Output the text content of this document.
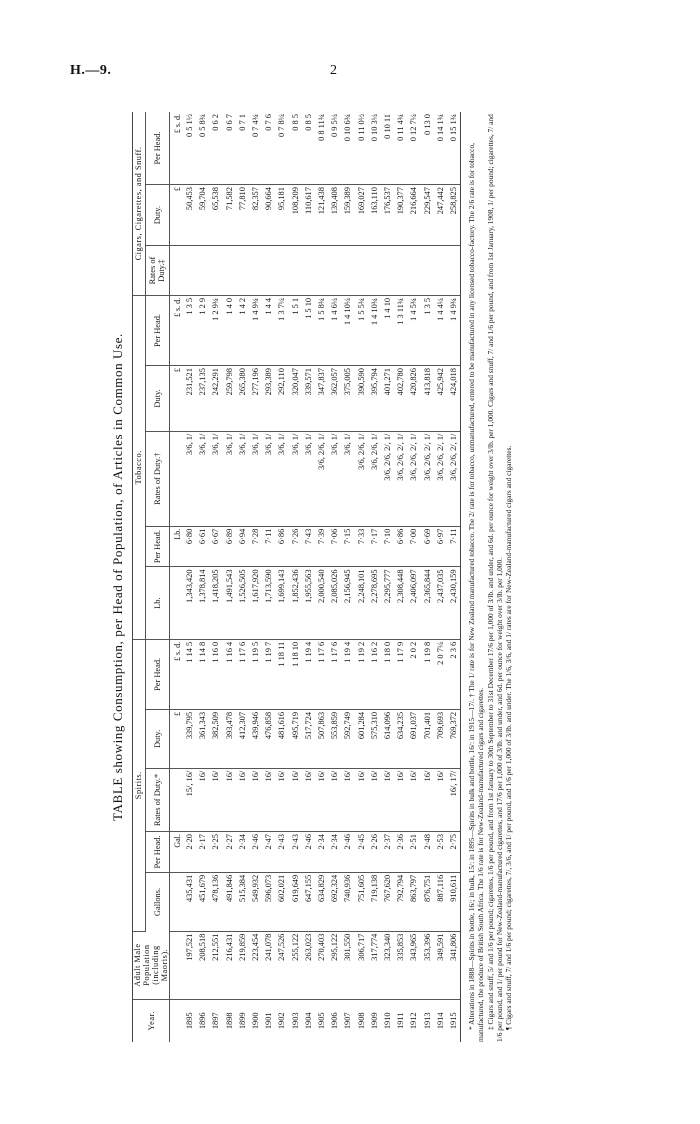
H.—9.	2
TABLE showing Consumption, per Head of Population, of Articles in Common Use.
Year.	Adult Male Population (including Maoris).	Spirits.					Tobacco.					Cigars, Cigarettes, and Snuff.		
		Gallons.	Per Head.	Rates of Duty.*	Duty.	Per Head.	Lb.	Per Head.	Rates of Duty.†	Duty.	Per Head.	Rates of Duty.‡	Duty.	Per Head.
			Gal.		£	£ s. d.		Lb.		£	£ s. d.		£	£ s. d.
1895	197,521	435,431	2·20	15/, 16/	339,795	1 14 5	1,343,420	6·80	3/6, 1/	231,521	1 3 5		50,453	0 5 1½
1896	208,518	451,679	2·17	16/	361,343	1 14 8	1,378,814	6·61	3/6, 1/	237,135	1 2 9		59,704	0 5 8¾
1897	212,551	478,136	2·25	16/	382,509	1 16 0	1,418,205	6·67	3/6, 1/	242,291	1 2 9¾		65,538	0 6 2
1898	216,431	491,846	2·27	16/	393,478	1 16 4	1,491,543	6·89	3/6, 1/	259,798	1 4 0		71,582	0 6 7
1899	219,859	515,384	2·34	16/	412,307	1 17 6	1,526,505	6·94	3/6, 1/	265,380	1 4 2		77,810	0 7 1
1900	223,454	549,932	2·46	16/	439,946	1 19 5	1,617,920	7·28	3/6, 1/	277,196	1 4 9¾		82,357	0 7 4¾
1901	241,078	596,073	2·47	16/	476,858	1 19 7	1,713,590	7·11	3/6, 1/	293,389	1 4 4		90,664	0 7 6
1902	247,526	602,021	2·43	16/	481,616	1 18 11	1,699,143	6·86	3/6, 1/	292,110	1 3 7¼		95,181	0 7 8¼
1903	255,122	619,649	2·43	16/	495,719	1 18 10	1,852,436	7·26	3/6, 1/	320,047	1 5 1		108,209	0 8 5
1904	263,023	647,155	2·46	16/	517,724	1 19 4	1,955,563	7·43	3/6, 1/	339,571	1 5 10		110,617	0 8 5
1905	270,403	634,829	2·34	16/	507,863	1 17 6	2,000,540	7·39	3/6, 2/6, 1/	347,837	1 5 8¾		121,438	0 8 11¾
1906	295,122	692,324	2·34	16/	553,859	1 17 6	2,085,026	7·06	3/6, 1/	362,057	1 4 6¼		139,408	0 9 5¼
1907	301,550	740,936	2·46	16/	592,749	1 19 4	2,156,945	7·15	3/6, 1/	375,005	1 4 10¼		159,389	0 10 6¾
1908	306,717	751,605	2·45	16/	601,284	1 19 2	2,248,101	7·33	3/6, 2/6, 1/	390,590	1 5 5¾		169,027	0 11 0½
1909	317,774	719,138	2·26	16/	575,310	1 16 2	2,278,695	7·17	3/6, 2/6, 1/	395,794	1 4 10¾		163,110	0 10 3¼
1910	323,340	767,620	2·37	16/	614,096	1 18 0	2,295,777	7·10	3/6, 2/6, 2/, 1/	401,271	1 4 10		176,537	0 10 11
1911	335,853	792,794	2·36	16/	634,235	1 17 9	2,308,448	6·86	3/6, 2/6, 2/, 1/	402,780	1 3 11¾		190,377	0 11 4¾
1912	343,965	863,797	2·51	16/	691,037	2 0 2	2,406,097	7·00	3/6, 2/6, 2/, 1/	420,826	1 4 5¾		216,664	0 12 7¼
1913	353,396	876,751	2·48	16/	701,401	1 19 8	2,365,844	6·69	3/6, 2/6, 2/, 1/	413,818	1 3 5		229,547	0 13 0
1914	349,591	887,116	2·53	16/	709,693	2 0 7¼	2,437,035	6·97	3/6, 2/6, 2/, 1/	425,942	1 4 4¼		247,442	0 14 1¾
1915	341,806	910,611	2·75	16/, 17/	769,372	2 3 6	2,430,159	7·11	3/6, 2/6, 2/, 1/	424,018	1 4 9¾		258,825	0 15 1¾

* Alterations in 1888—Spirits in bottle, 16/; in bulk, 15/: in 1895—Spirits in bulk and bottle, 16/: in 1915—17/. † The 1/ rate is for New Zealand manufactured tobacco. The 2/ rate is for tobacco, unmanufactured, entered to be manufactured in any licensed tobacco-factory. The 2/6 rate is for tobacco, manufactured, the produce of British South Africa. The 1/6 rate is for New-Zealand-manufactured cigars and cigarettes. ‡ Cigars and snuff, 5/ and 1/6 per pound; cigarettes, 1/6 per pound, and from 1st January to 30th September to 31st December 17/6 per 1,000 of 3/lb. and under, and 6d. per ounce for weight over 3/lb. per 1,000. Cigars and snuff, 7/ and 1/6 per pound, and from 1st January, 1908, 1/ per pound; cigarettes, 7/ and 1/6 per pound, and 1/ per pound for New-Zealand-manufactured cigarettes, and 17/6 per 1,000 of 3/lb. and under, and 6d. per ounce for weight over 3/lb. per 1,000. ¶ Cigars and snuff, 7/ and 1/6 per pound; cigarettes, 7/, 3/6, and 1/ per pound, and 1/6 per 1,000 of 3/lb. and under. The 1/6, 3/6, and 1/ rates are for New-Zealand-manufactured cigars and cigarettes.
